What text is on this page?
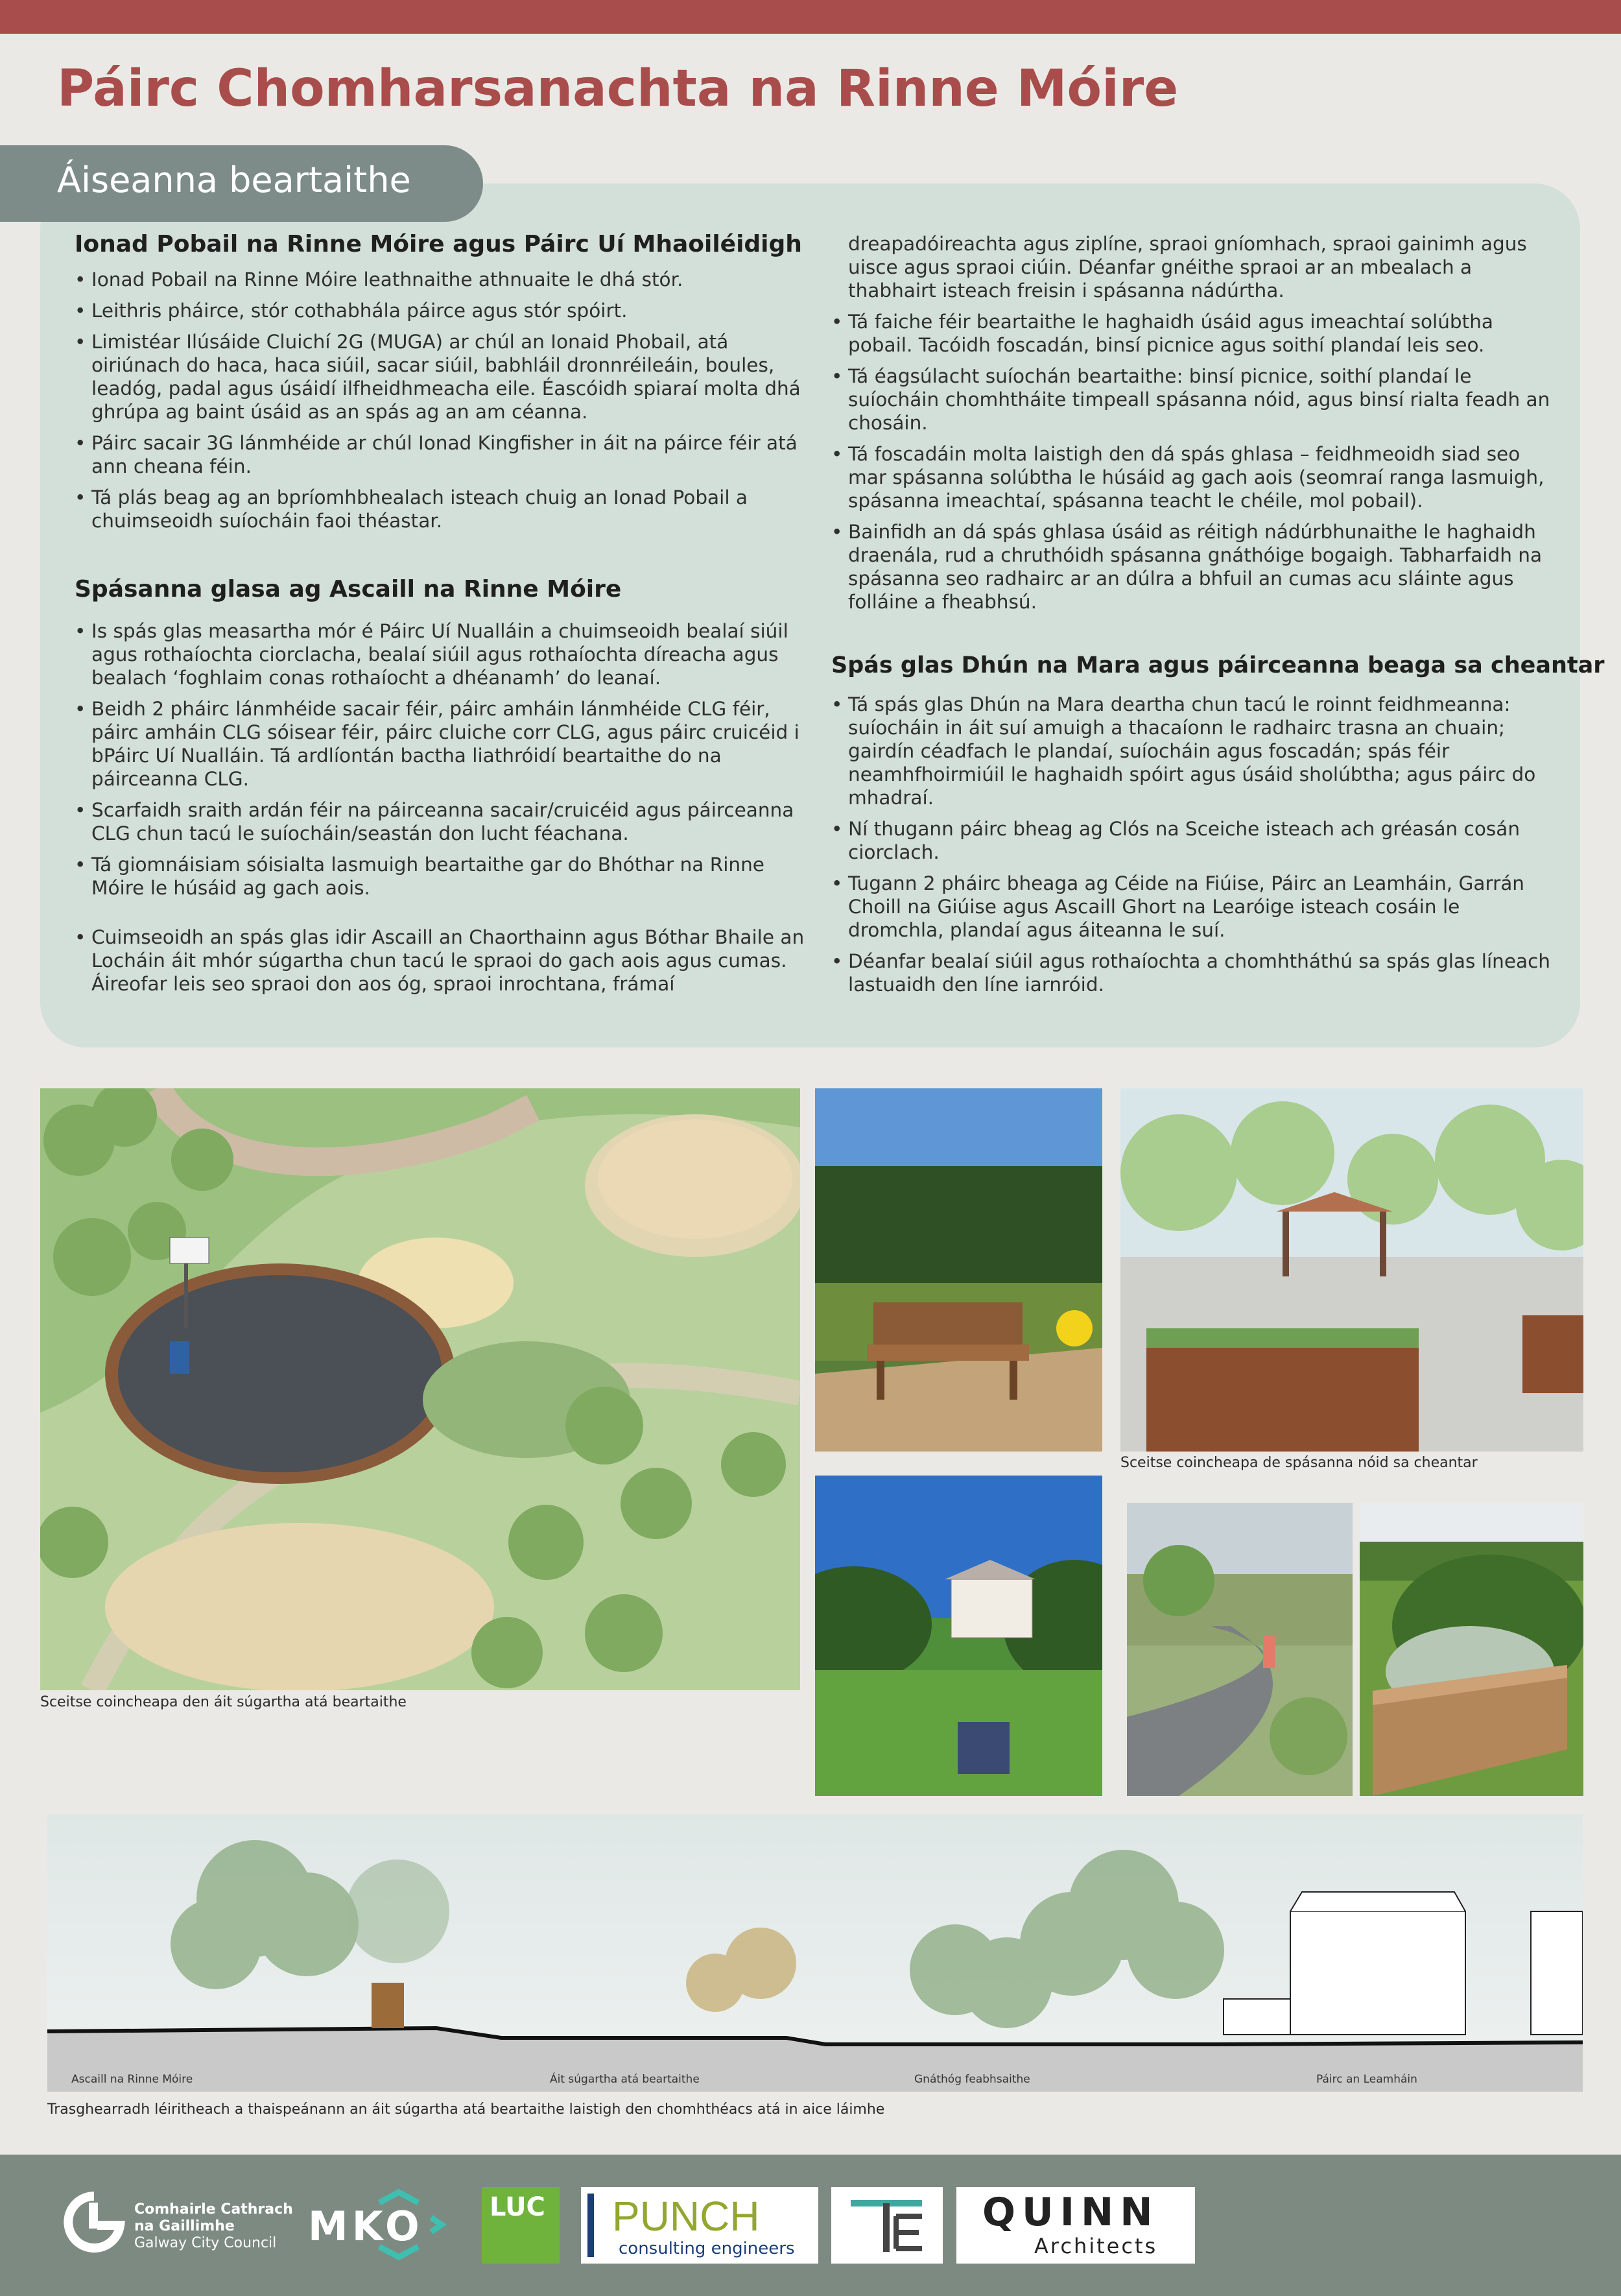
Páirc Chomharsanachta na Rinne Móire
Áiseanna beartaithe
Ionad Pobail na Rinne Móire agus Páirc Uí Mhaoiléidigh
• Ionad Pobail na Rinne Móire leathnaithe athnuaite le dhá stór.
• Leithris pháirce, stór cothabhála páirce agus stór spóirt.
• Limistéar Ilúsáide Cluichí 2G (MUGA) ar chúl an Ionaid Phobail, atá oiriúnach do haca, haca siúil, sacar siúil, babhláil dronnréileáin, boules, leadóg, padal agus úsáidí ilfheidhmeacha eile. Éascóidh spiaraí molta dhá ghrúpa ag baint úsáid as an spás ag an am céanna.
• Páirc sacair 3G lánmhéide ar chúl Ionad Kingfisher in áit na páirce féir atá ann cheana féin.
• Tá plás beag ag an bpríomhbhealach isteach chuig an Ionad Pobail a chuimseoidh suíocháin faoi théastar.
Spásanna glasa ag Ascaill na Rinne Móire
• Is spás glas measartha mór é Páirc Uí Nualláin a chuimseoidh bealaí siúil agus rothaíochta ciorclacha, bealaí siúil agus rothaíochta díreacha agus bealach ‘foghlaim conas rothaíocht a dhéanamh’ do leanaí.
• Beidh 2 pháirc lánmhéide sacair féir, páirc amháin lánmhéide CLG féir, páirc amháin CLG sóisear féir, páirc cluiche corr CLG, agus páirc cruicéid i bPáirc Uí Nualláin. Tá ardlíontán bactha liathróidí beartaithe do na páirceanna CLG.
• Scarfaidh sraith ardán féir na páirceanna sacair/cruicéid agus páirceanna CLG chun tacú le suíocháin/seastán don lucht féachana.
• Tá giomnáisiam sóisialta lasmuigh beartaithe gar do Bhóthar na Rinne Móire le húsáid ag gach aois.
• Cuimseoidh an spás glas idir Ascaill an Chaorthainn agus Bóthar Bhaile an Locháin áit mhór súgartha chun tacú le spraoi do gach aois agus cumas. Áireofar leis seo spraoi don aos óg, spraoi inrochtana, frámaí

dreapadóireachta agus ziplíne, spraoi gníomhach, spraoi gainimh agus uisce agus spraoi ciúin. Déanfar gnéithe spraoi ar an mbealach a thabhairt isteach freisin i spásanna nádúrtha.

• Tá faiche féir beartaithe le haghaidh úsáid agus imeachtaí solúbtha pobail. Tacóidh foscadán, binsí picnice agus soithí plandaí leis seo.
• Tá éagsúlacht suíochán beartaithe: binsí picnice, soithí plandaí le suíocháin chomhtháite timpeall spásanna nóid, agus binsí rialta feadh an chosáin.
• Tá foscadáin molta laistigh den dá spás ghlasa – feidhmeoidh siad seo mar spásanna solúbtha le húsáid ag gach aois (seomraí ranga lasmuigh, spásanna imeachtaí, spásanna teacht le chéile, mol pobail).
• Bainfidh an dá spás ghlasa úsáid as réitigh nádúrbhunaithe le haghaidh draenála, rud a chruthóidh spásanna gnáthóige bogaigh. Tabharfaidh na spásanna seo radhairc ar an dúlra a bhfuil an cumas acu sláinte agus folláine a fheabhsú.
Spás glas Dhún na Mara agus páirceanna beaga sa cheantar
• Tá spás glas Dhún na Mara deartha chun tacú le roinnt feidhmeanna: suíocháin in áit suí amuigh a thacaíonn le radhairc trasna an chuain; gairdín céadfach le plandaí, suíocháin agus foscadán; spás féir neamhfhoirmiúil le haghaidh spóirt agus úsáid sholúbtha; agus páirc do mhadraí.
• Ní thugann páirc bheag ag Clós na Sceiche isteach ach gréasán cosán ciorclach.
• Tugann 2 pháirc bheaga ag Céide na Fiúise, Páirc an Leamháin, Garrán Choill na Giúise agus Ascaill Ghort na Learóige isteach cosáin le dromchla, plandaí agus áiteanna le suí.
• Déanfar bealaí siúil agus rothaíochta a chomhtháthú sa spás glas líneach lastuaidh den líne iarnróid.
Sceitse coincheapa den áit súgartha atá beartaithe
Sceitse coincheapa de spásanna nóid sa cheantar
Ascaill na Rinne Móire	Áit súgartha atá beartaithe	Gnáthóg feabhsaithe	Páirc an Leamháin
Trasghearradh léiritheach a thaispeánann an áit súgartha atá beartaithe laistigh den chomhthéacs atá in aice láimhe
Comhairle Cathrach
na Gaillimhe
Galway City Council MKO	LUC PUNCH
consulting engineers
QUINN
Architects
